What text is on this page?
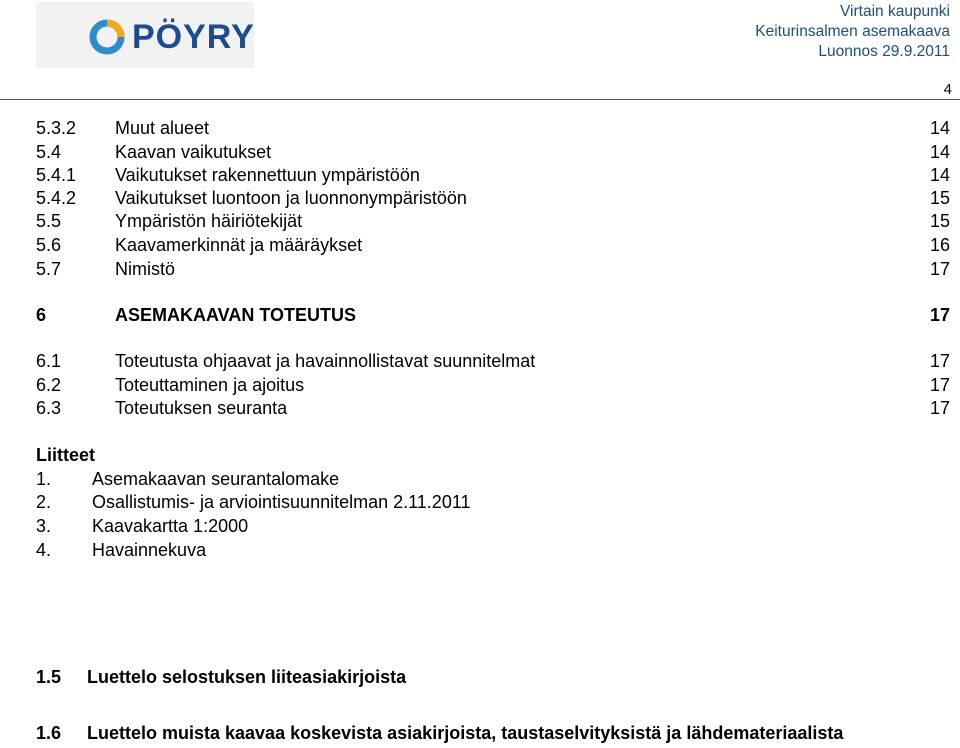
PÖYRY
Virtain kaupunki
Keiturinsalmen asemakaava
Luonnos 29.9.2011
4
5.3.2 Muut alueet	14
5.4	Kaavan vaikutukset	14
5.4.1 Vaikutukset rakennettuun ympäristöön	14
5.4.2 Vaikutukset luontoon ja luonnonympäristöön	15
5.5	Ympäristön häiriötekijät	15
5.6	Kaavamerkinnät ja määräykset	16
5.7	Nimistö	17
6	ASEMAKAAVAN TOTEUTUS	17
6.1	Toteutusta ohjaavat ja havainnollistavat suunnitelmat	17
6.2	Toteuttaminen ja ajoitus	17
6.3	Toteutuksen seuranta	17
Liitteet
1. Asemakaavan seurantalomake
2. Osallistumis- ja arviointisuunnitelman 2.11.2011
3. Kaavakartta 1:2000
4. Havainnekuva
1.5 Luettelo selostuksen liiteasiakirjoista
1.6 Luettelo muista kaavaa koskevista asiakirjoista, taustaselvityksistä ja lähdemateriaalista
